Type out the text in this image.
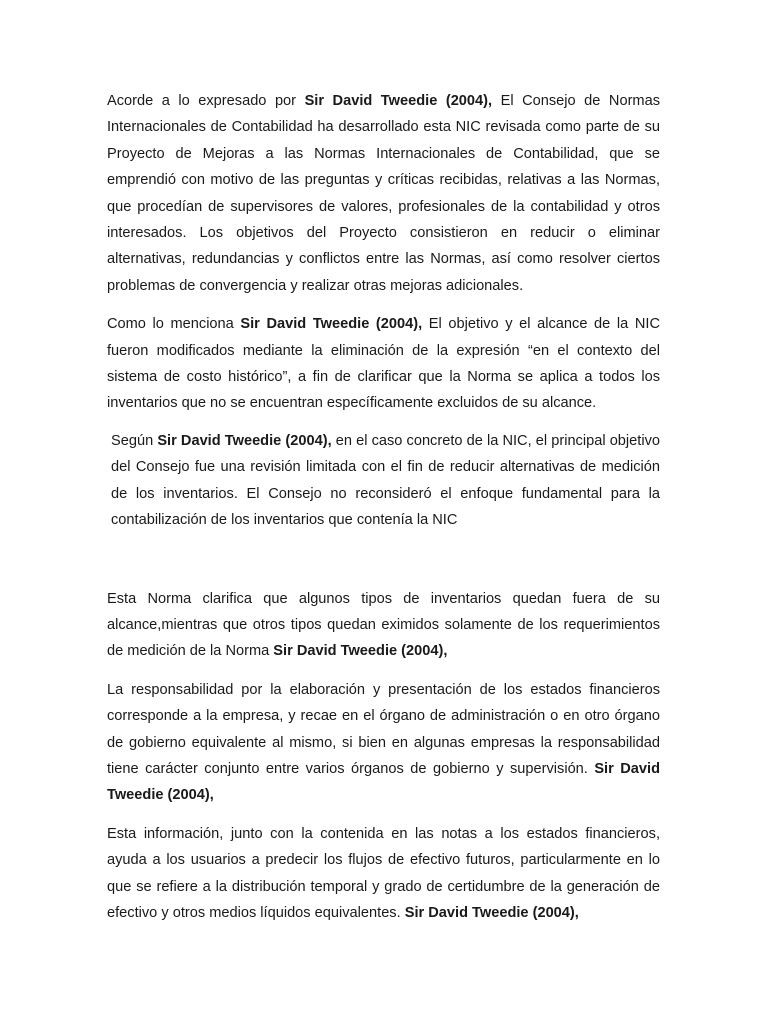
Acorde a lo expresado por Sir David Tweedie (2004), El Consejo de Normas Internacionales de Contabilidad ha desarrollado esta NIC revisada como parte de su Proyecto de Mejoras a las Normas Internacionales de Contabilidad, que se emprendió con motivo de las preguntas y críticas recibidas, relativas a las Normas, que procedían de supervisores de valores, profesionales de la contabilidad y otros interesados. Los objetivos del Proyecto consistieron en reducir o eliminar alternativas, redundancias y conflictos entre las Normas, así como resolver ciertos problemas de convergencia y realizar otras mejoras adicionales.

Como lo menciona Sir David Tweedie (2004), El objetivo y el alcance de la NIC fueron modificados mediante la eliminación de la expresión “en el contexto del sistema de costo histórico”, a fin de clarificar que la Norma se aplica a todos los inventarios que no se encuentran específicamente excluidos de su alcance.

Según Sir David Tweedie (2004), en el caso concreto de la NIC, el principal objetivo del Consejo fue una revisión limitada con el fin de reducir alternativas de medición de los inventarios. El Consejo no reconsideró el enfoque fundamental para la contabilización de los inventarios que contenía la NIC

Esta Norma clarifica que algunos tipos de inventarios quedan fuera de su alcance,mientras que otros tipos quedan eximidos solamente de los requerimientos de medición de la Norma Sir David Tweedie (2004),

La responsabilidad por la elaboración y presentación de los estados financieros corresponde a la empresa, y recae en el órgano de administración o en otro órgano de gobierno equivalente al mismo, si bien en algunas empresas la responsabilidad tiene carácter conjunto entre varios órganos de gobierno y supervisión. Sir David Tweedie (2004),

Esta información, junto con la contenida en las notas a los estados financieros, ayuda a los usuarios a predecir los flujos de efectivo futuros, particularmente en lo que se refiere a la distribución temporal y grado de certidumbre de la generación de efectivo y otros medios líquidos equivalentes. Sir David Tweedie (2004),
